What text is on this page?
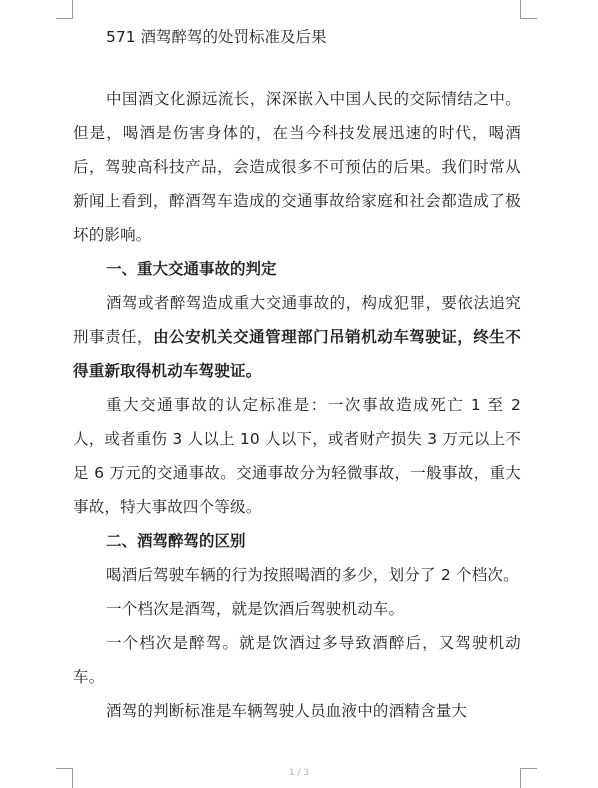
571 酒驾醉驾的处罚标准及后果

中国酒文化源远流长，深深嵌入中国人民的交际情结之中。但是，喝酒是伤害身体的，在当今科技发展迅速的时代，喝酒后，驾驶高科技产品，会造成很多不可预估的后果。我们时常从新闻上看到，醉酒驾车造成的交通事故给家庭和社会都造成了极坏的影响。

一、重大交通事故的判定

酒驾或者醉驾造成重大交通事故的，构成犯罪，要依法追究刑事责任，由公安机关交通管理部门吊销机动车驾驶证，终生不得重新取得机动车驾驶证。

重大交通事故的认定标准是：一次事故造成死亡 1 至 2 人，或者重伤 3 人以上 10 人以下，或者财产损失 3 万元以上不足 6 万元的交通事故。交通事故分为轻微事故，一般事故，重大事故，特大事故四个等级。

二、酒驾醉驾的区别

喝酒后驾驶车辆的行为按照喝酒的多少，划分了 2 个档次。

一个档次是酒驾，就是饮酒后驾驶机动车。

一个档次是醉驾。就是饮酒过多导致酒醉后，又驾驶机动车。

酒驾的判断标准是车辆驾驶人员血液中的酒精含量大

1 / 3
